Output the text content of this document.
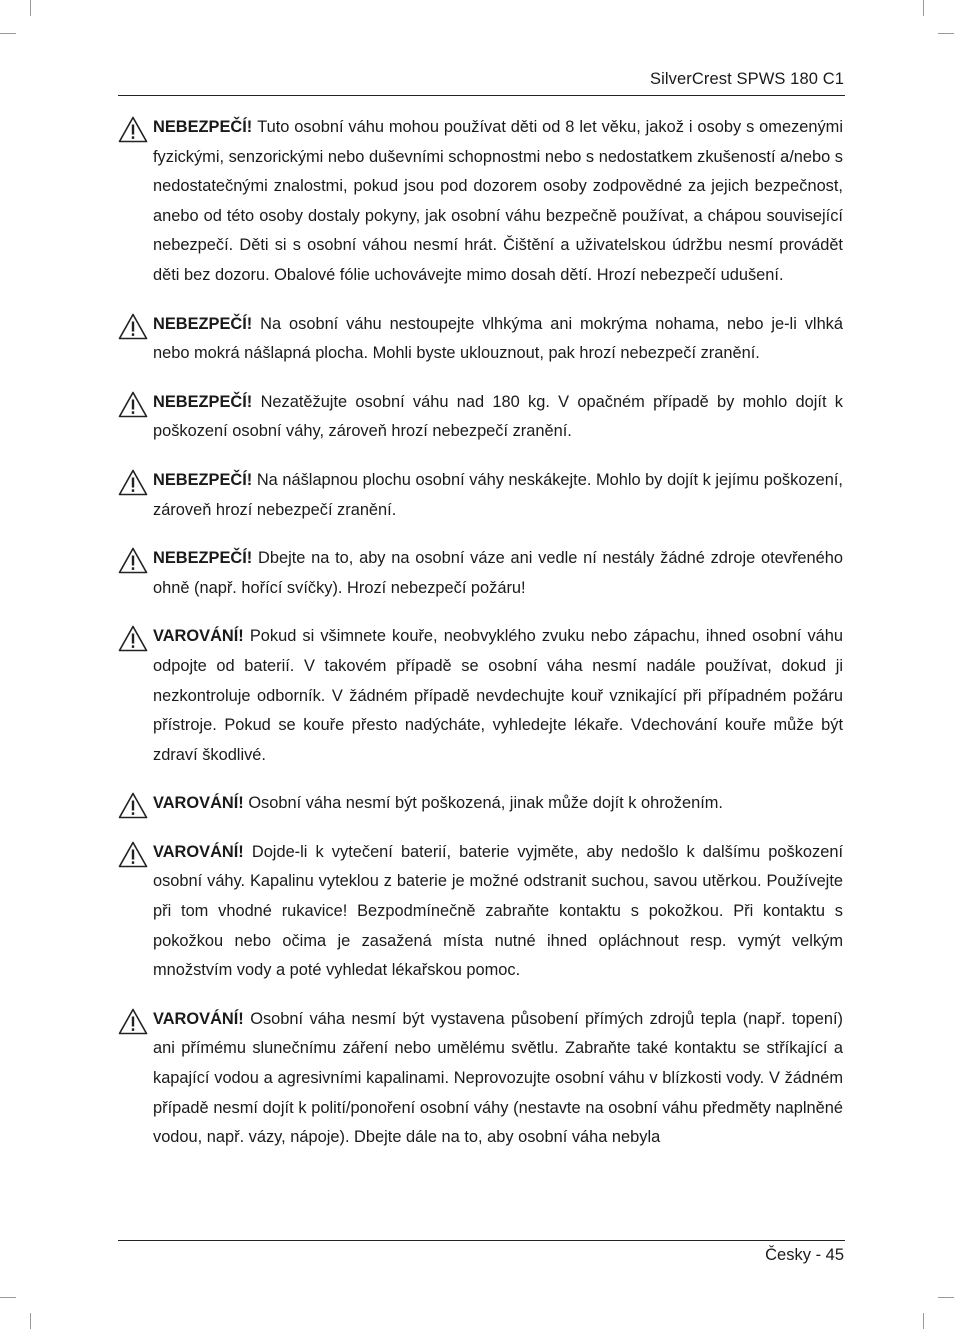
SilverCrest SPWS 180 C1
NEBEZPEČÍ! Tuto osobní váhu mohou používat děti od 8 let věku, jakož i osoby s omezenými fyzickými, senzorickými nebo duševními schopnostmi nebo s nedostatkem zkušeností a/nebo s nedostatečnými znalostmi, pokud jsou pod dozorem osoby zodpovědné za jejich bezpečnost, anebo od této osoby dostaly pokyny, jak osobní váhu bezpečně používat, a chápou související nebezpečí. Děti si s osobní váhou nesmí hrát. Čištění a uživatelskou údržbu nesmí provádět děti bez dozoru. Obalové fólie uchovávejte mimo dosah dětí. Hrozí nebezpečí udušení.
NEBEZPEČÍ! Na osobní váhu nestoupejte vlhkýma ani mokrýma nohama, nebo je-li vlhká nebo mokrá nášlapná plocha. Mohli byste uklouznout, pak hrozí nebezpečí zranění.
NEBEZPEČÍ! Nezatěžujte osobní váhu nad 180 kg. V opačném případě by mohlo dojít k poškození osobní váhy, zároveň hrozí nebezpečí zranění.
NEBEZPEČÍ! Na nášlapnou plochu osobní váhy neskákejte. Mohlo by dojít k jejímu poškození, zároveň hrozí nebezpečí zranění.
NEBEZPEČÍ! Dbejte na to, aby na osobní váze ani vedle ní nestály žádné zdroje otevřeného ohně (např. hořící svíčky). Hrozí nebezpečí požáru!
VAROVÁNÍ! Pokud si všimnete kouře, neobvyklého zvuku nebo zápachu, ihned osobní váhu odpojte od baterií. V takovém případě se osobní váha nesmí nadále používat, dokud ji nezkontroluje odborník. V žádném případě nevdechujte kouř vznikající při případném požáru přístroje. Pokud se kouře přesto nadýcháte, vyhledejte lékaře. Vdechování kouře může být zdraví škodlivé.
VAROVÁNÍ! Osobní váha nesmí být poškozená, jinak může dojít k ohrožením.
VAROVÁNÍ! Dojde-li k vytečení baterií, baterie vyjměte, aby nedošlo k dalšímu poškození osobní váhy. Kapalinu vyteklou z baterie je možné odstranit suchou, savou utěrkou. Používejte při tom vhodné rukavice! Bezpodmínečně zabraňte kontaktu s pokožkou. Při kontaktu s pokožkou nebo očima je zasažená místa nutné ihned opláchnout resp. vymýt velkým množstvím vody a poté vyhledat lékařskou pomoc.
VAROVÁNÍ! Osobní váha nesmí být vystavena působení přímých zdrojů tepla (např. topení) ani přímému slunečnímu záření nebo umělému světlu. Zabraňte také kontaktu se stříkající a kapající vodou a agresivními kapalinami. Neprovozujte osobní váhu v blízkosti vody. V žádném případě nesmí dojít k polití/ponoření osobní váhy (nestavte na osobní váhu předměty naplněné vodou, např. vázy, nápoje). Dbejte dále na to, aby osobní váha nebyla
Česky - 45
